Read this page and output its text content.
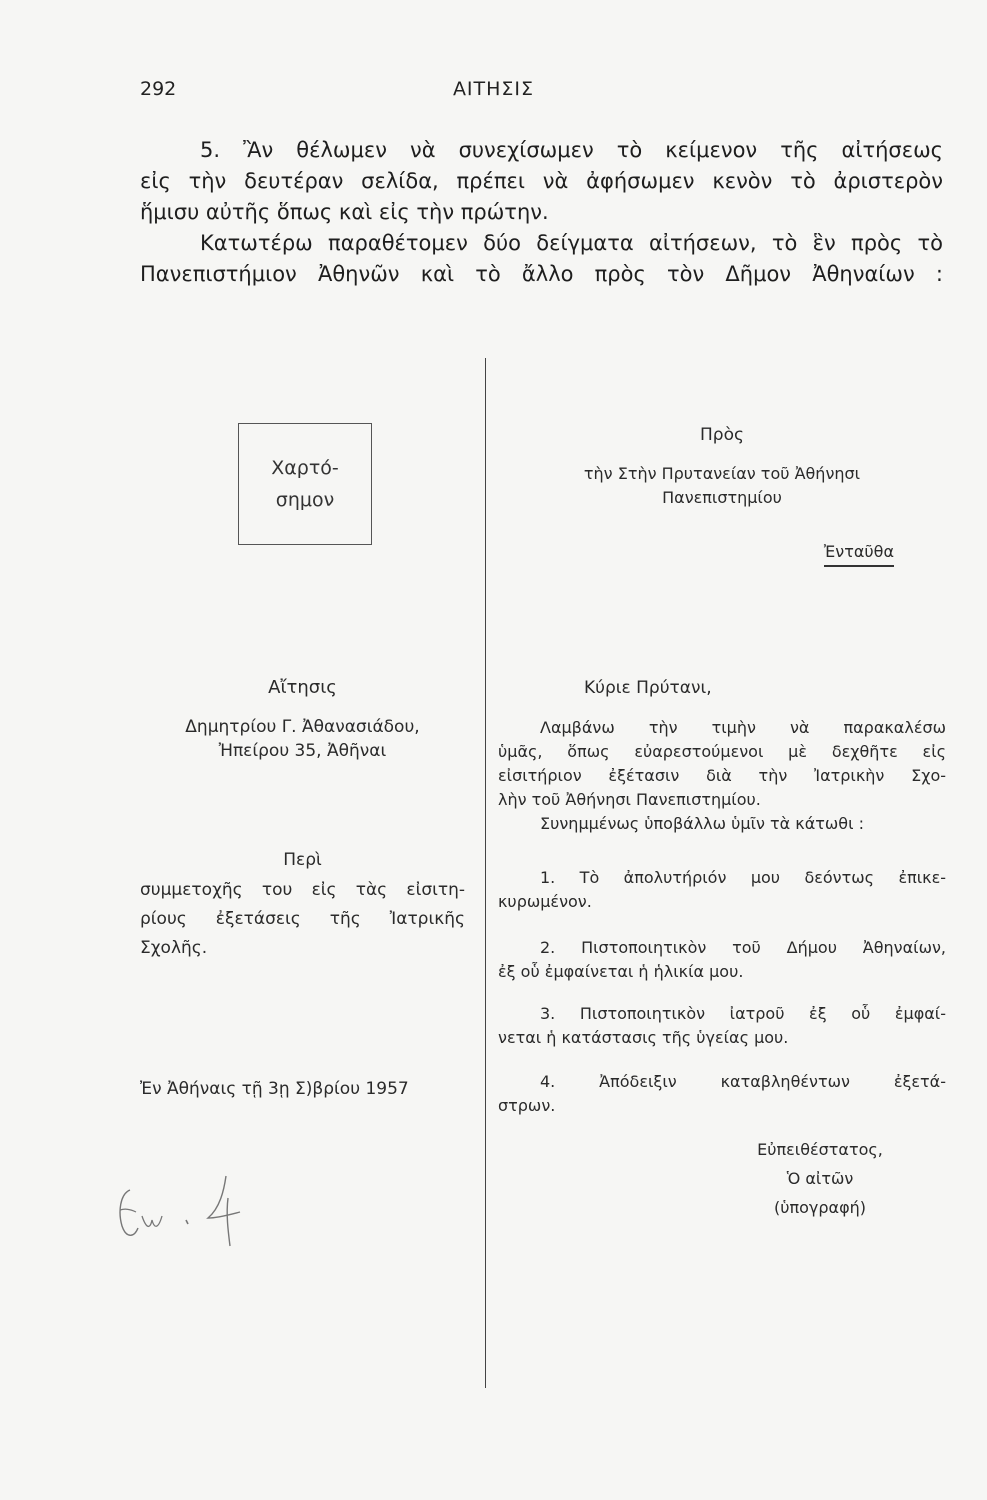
292	ΑΙΤΗΣΙΣ
5. Ἂν θέλωμεν νὰ συνεχίσωμεν τὸ κείμενον τῆς αἰτήσεως
εἰς τὴν δευτέραν σελίδα, πρέπει νὰ ἀφήσωμεν κενὸν τὸ ἀριστερὸν
ἥμισυ αὐτῆς ὅπως καὶ εἰς τὴν πρώτην.
Κατωτέρω παραθέτομεν δύο δείγματα αἰτήσεων, τὸ ἓν πρὸς τὸ
Πανεπιστήμιον Ἀθηνῶν καὶ τὸ ἄλλο πρὸς τὸν Δῆμον Ἀθηναίων :
Χαρτό-
σημον
Αἴτησις
Δημητρίου Γ. Ἀθανασιάδου,
Ἠπείρου 35, Ἀθῆναι
Περὶ
συμμετοχῆς του εἰς τὰς εἰσιτη-
ρίους ἐξετάσεις τῆς Ἰατρικῆς
Σχολῆς.
Ἐν Ἀθήναις τῇ 3ῃ Σ)βρίου 1957
Πρὸς
τὴν Στὴν Πρυτανείαν τοῦ Ἀθήνησι
Πανεπιστημίου
Ἐνταῦθα
Κύριε Πρύτανι,
Λαμβάνω τὴν τιμὴν νὰ παρακαλέσω
ὑμᾶς, ὅπως εὐαρεστούμενοι μὲ δεχθῆτε εἰς
εἰσιτήριον ἐξέτασιν διὰ τὴν Ἰατρικὴν Σχο-
λὴν τοῦ Ἀθήνησι Πανεπιστημίου.
Συνημμένως ὑποβάλλω ὑμῖν τὰ κάτωθι :
1. Τὸ ἀπολυτήριόν μου δεόντως ἐπικε-
κυρωμένον.
2. Πιστοποιητικὸν τοῦ Δήμου Ἀθηναίων,
ἐξ οὗ ἐμφαίνεται ἡ ἡλικία μου.
3. Πιστοποιητικὸν ἰατροῦ ἐξ οὗ ἐμφαί-
νεται ἡ κατάστασις τῆς ὑγείας μου.
4. Ἀπόδειξιν καταβληθέντων ἐξετά-
στρων.
Εὐπειθέστατος,
Ὁ αἰτῶν
(ὑπογραφή)
